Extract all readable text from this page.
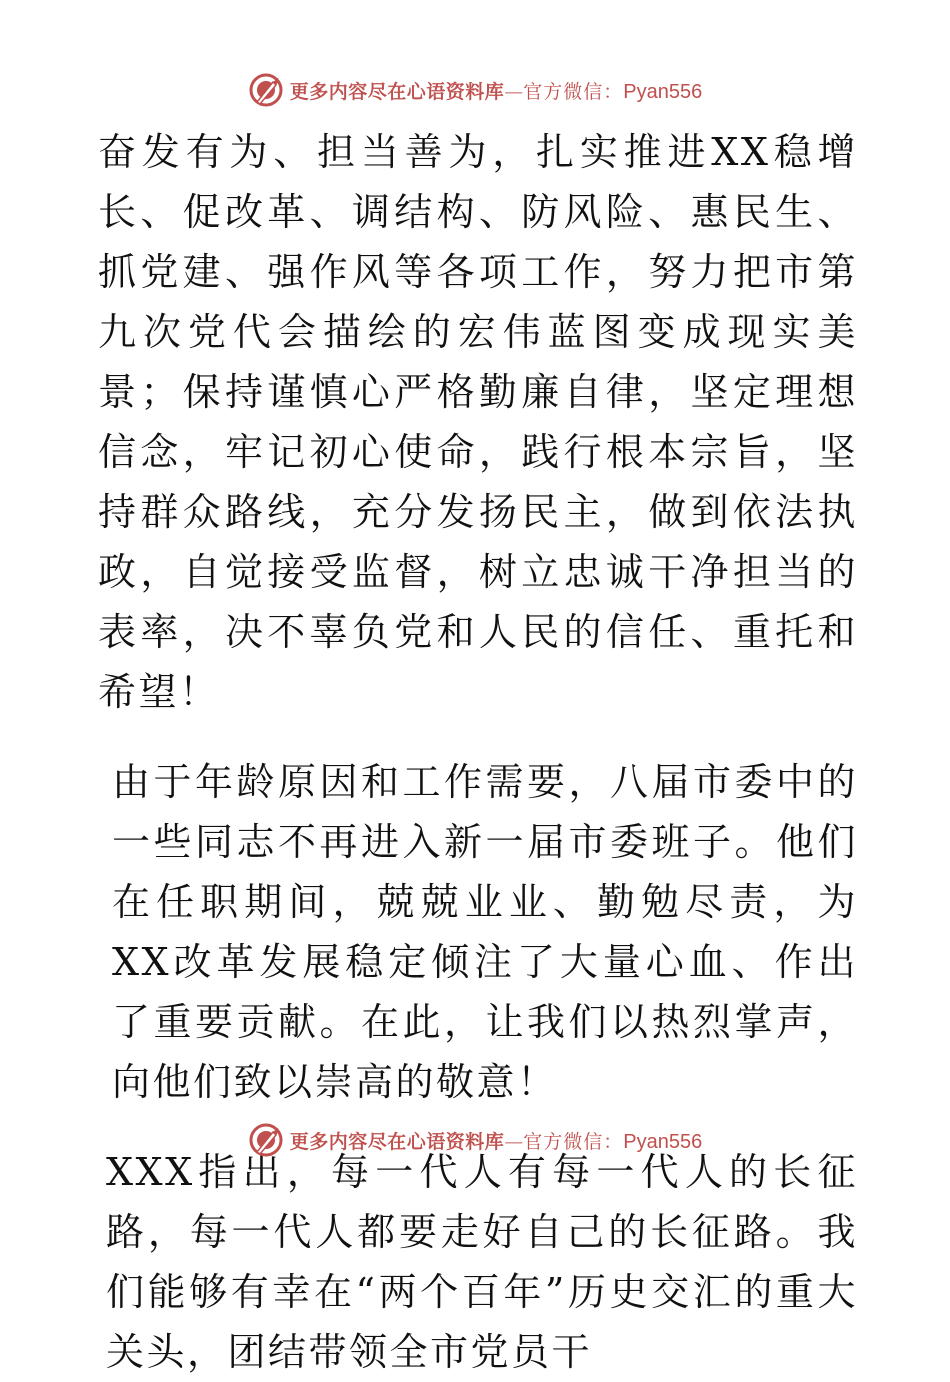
更多内容尽在心语资料库 — 官方微信： Pyan556

奋发有为、担当善为，扎实推进XX稳增长、促改革、调结构、防风险、惠民生、抓党建、强作风等各项工作，努力把市第九次党代会描绘的宏伟蓝图变成现实美景；保持谨慎心严格勤廉自律，坚定理想信念，牢记初心使命，践行根本宗旨，坚持群众路线，充分发扬民主，做到依法执政，自觉接受监督，树立忠诚干净担当的表率，决不辜负党和人民的信任、重托和希望！

由于年龄原因和工作需要，八届市委中的一些同志不再进入新一届市委班子。他们在任职期间，兢兢业业、勤勉尽责，为XX改革发展稳定倾注了大量心血、作出了重要贡献。在此，让我们以热烈掌声，向他们致以崇高的敬意！

XXX指出，每一代人有每一代人的长征路，每一代人都要走好自己的长征路。我们能够有幸在“两个百年”历史交汇的重大关头，团结带领全市党员干

更多内容尽在心语资料库 — 官方微信： Pyan556
